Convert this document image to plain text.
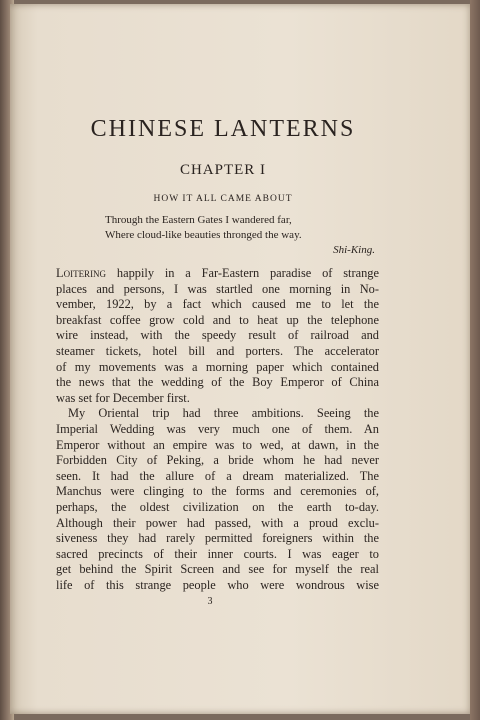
CHINESE LANTERNS
CHAPTER I
HOW IT ALL CAME ABOUT
Through the Eastern Gates I wandered far,
Where cloud-like beauties thronged the way.
Shi-King.

Loitering happily in a Far-Eastern paradise of strange
places and persons, I was startled one morning in No-
vember, 1922, by a fact which caused me to let the
breakfast coffee grow cold and to heat up the telephone
wire instead, with the speedy result of railroad and
steamer tickets, hotel bill and porters. The accelerator
of my movements was a morning paper which contained
the news that the wedding of the Boy Emperor of China
was set for December first.

My Oriental trip had three ambitions. Seeing the
Imperial Wedding was very much one of them. An
Emperor without an empire was to wed, at dawn, in the
Forbidden City of Peking, a bride whom he had never
seen. It had the allure of a dream materialized. The
Manchus were clinging to the forms and ceremonies of,
perhaps, the oldest civilization on the earth to-day.
Although their power had passed, with a proud exclu-
siveness they had rarely permitted foreigners within the
sacred precincts of their inner courts. I was eager to
get behind the Spirit Screen and see for myself the real
life of this strange people who were wondrous wise

3
